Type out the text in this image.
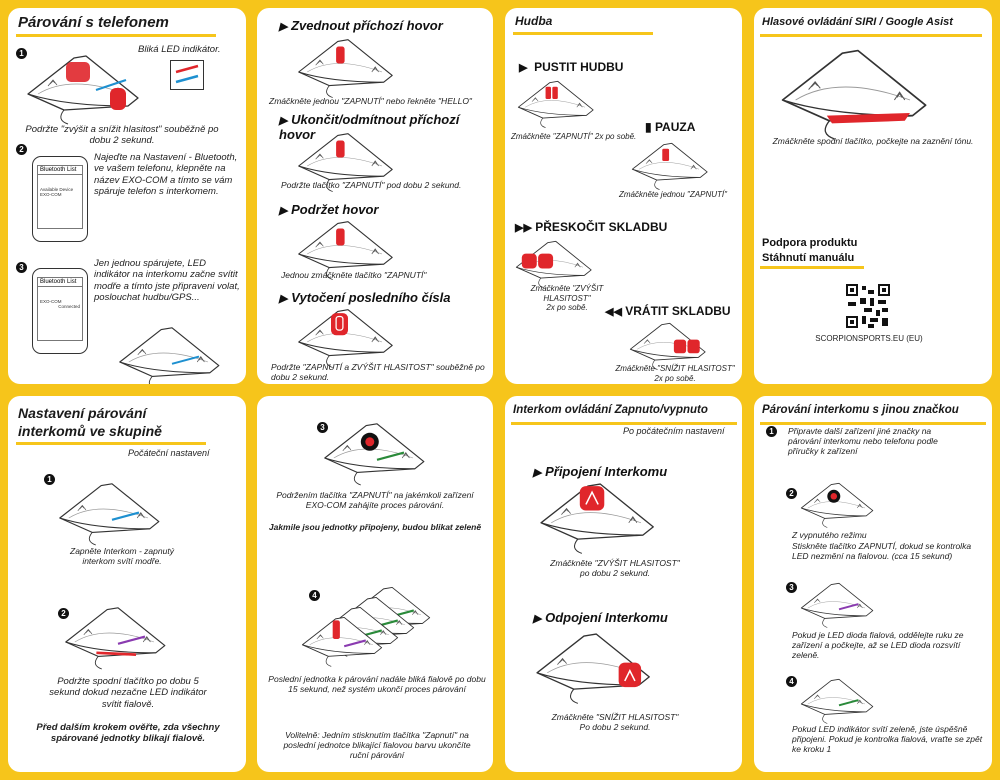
Párování s telefonem
1	Bliká LED indikátor.
Podržte "zvýšit a snížit hlasitost" souběžně po dobu 2 sekund.
2
Bluetooth List
Available Device EXO-COM
Najeďte na Nastavení - Bluetooth, ve vašem telefonu, klepněte na název EXO-COM a tímto se vám spáruje telefon s interkomem.
3
Bluetooth List
EXO-COM
Connected
Jen jednou spárujete, LED indikátor na interkomu začne svítit modře a tímto jste připraveni volat, poslouchat hudbu/GPS...
▶ Zvednout příchozí hovor
Zmáčkněte jednou "ZAPNUTÍ" nebo řekněte "HELLO"
▶ Ukončit/odmítnout příchozí hovor
Podržte tlačítko "ZAPNUTÍ" pod dobu 2 sekund.
▶ Podržet hovor
Jednou zmáčkněte tlačítko "ZAPNUTÍ"
▶ Vytočení posledního čísla
Podržte "ZAPNUTÍ a ZVÝŠIT HLASITOST" souběžně po dobu 2 sekund.
Hudba
▶ PUSTIT HUDBU
Zmáčkněte "ZAPNUTÍ" 2x po sobě.
▮ PAUZA
Zmáčkněte jednou "ZAPNUTÍ"
▶▶ PŘESKOČIT SKLADBU
Zmáčkněte "ZVÝŠIT HLASITOST"
2x po sobě.	◀◀ VRÁTIT SKLADBU
Zmáčkněte "SNÍŽIT HLASITOST"
2x po sobě.
Hlasové ovládání SIRI / Google Asist
Zmáčkněte spodní tlačítko, počkejte na zaznění tónu.
Podpora produktu
Stáhnutí manuálu
SCORPIONSPORTS.EU (EU)
Nastavení párování
interkomů ve skupině
Počáteční nastavení
1
Zapněte Interkom - zapnutý interkom svítí modře.
2
Podržte spodní tlačítko po dobu 5 sekund dokud nezačne LED indikátor svítit fialově.
Před dalším krokem ověřte, zda všechny spárované jednotky blikají fialově.
3
Podržením tlačítka "ZAPNUTÍ" na jakémkoli zařízení EXO-COM zahájíte proces párování.
Jakmile jsou jednotky připojeny, budou blikat zeleně
4
Poslední jednotka k párování nadále bliká fialově po dobu 15 sekund, než systém ukončí proces párování
Volitelně: Jedním stisknutím tlačítka "Zapnutí" na poslední jednotce blikající fialovou barvu ukončíte ruční párování
Interkom ovládání Zapnuto/vypnuto
Po počátečním nastavení
▶ Připojení Interkomu
Zmáčkněte "ZVÝŠIT HLASITOST"
po dobu 2 sekund.
▶ Odpojení Interkomu
Zmáčkněte "SNÍŽIT HLASITOST"
Po dobu 2 sekund.
Párování interkomu s jinou značkou
1	Připravte další zařízení jiné značky na párování interkomu nebo telefonu podle příručky k zařízení
2
Z vypnutého režimu
Stiskněte tlačítko ZAPNUTÍ, dokud se kontrolka LED nezmění na fialovou. (cca 15 sekund)
3
Pokud je LED dioda fialová, oddělejte ruku ze zařízení a počkejte, až se LED dioda rozsvítí zeleně.
4
Pokud LED indikátor svítí zeleně, jste úspěšně připojeni. Pokud je kontrolka fialová, vraťte se zpět ke kroku 1
